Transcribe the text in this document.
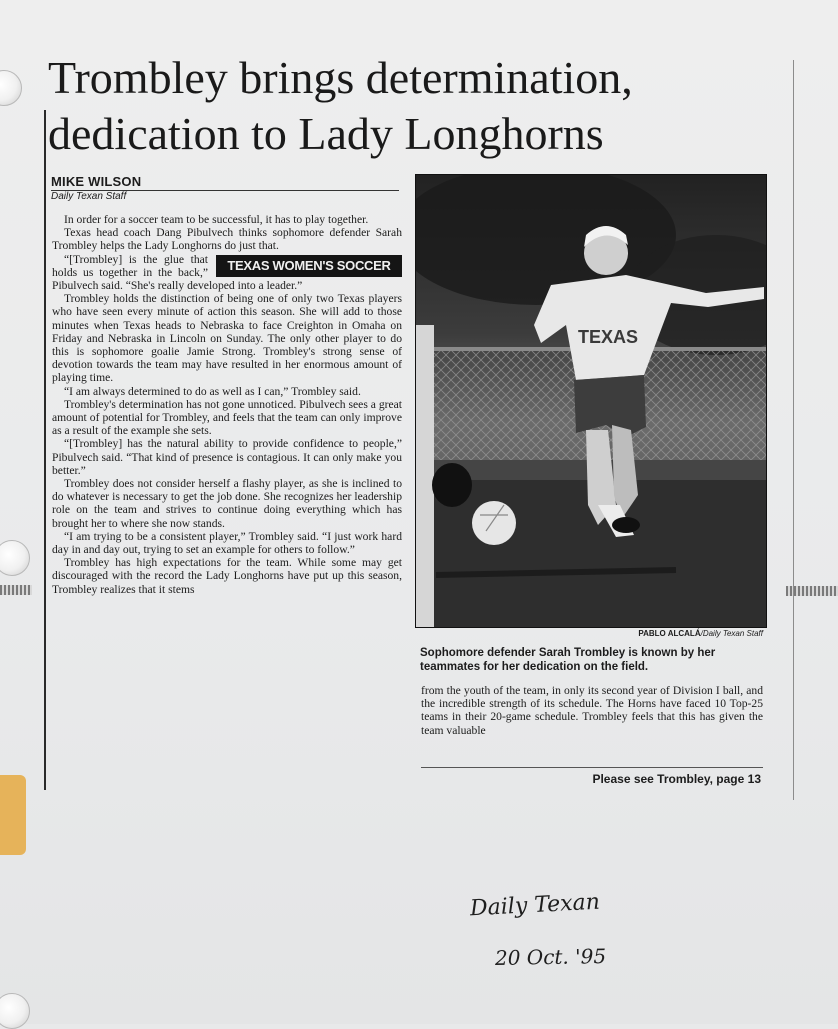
Trombley brings determination,
dedication to Lady Longhorns
MIKE WILSON
Daily Texan Staff

In order for a soccer team to be successful, it has to play together.

Texas head coach Dang Pibulvech thinks sophomore defender Sarah Trombley helps the Lady Longhorns do just that.

TEXAS WOMEN'S SOCCER

“[Trombley] is the glue that holds us together in the back,” Pibulvech said. “She's really developed into a leader.”

Trombley holds the distinction of being one of only two Texas players who have seen every minute of action this season. She will add to those minutes when Texas heads to Nebraska to face Creighton in Omaha on Friday and Nebraska in Lincoln on Sunday. The only other player to do this is sophomore goalie Jamie Strong. Trombley's strong sense of devotion towards the team may have resulted in her enormous amount of playing time.

“I am always determined to do as well as I can,” Trombley said.

Trombley's determination has not gone unnoticed. Pibulvech sees a great amount of potential for Trombley, and feels that the team can only improve as a result of the example she sets.

“[Trombley] has the natural ability to provide confidence to people,” Pibulvech said. “That kind of presence is contagious. It can only make you better.”

Trombley does not consider herself a flashy player, as she is inclined to do whatever is necessary to get the job done. She recognizes her leadership role on the team and strives to continue doing everything which has brought her to where she now stands.

“I am trying to be a consistent player,” Trombley said. “I just work hard day in and day out, trying to set an example for others to follow.”

Trombley has high expectations for the team. While some may get discouraged with the record the Lady Longhorns have put up this season, Trombley realizes that it stems

TEXAS
PABLO ALCALÁ/Daily Texan Staff
Sophomore defender Sarah Trombley is known by her teammates for her dedication on the field.

from the youth of the team, in only its second year of Division I ball, and the incredible strength of its schedule. The Horns have faced 10 Top-25 teams in their 20-game schedule. Trombley feels that this has given the team valuable

Please see Trombley, page 13
Daily Texan
20 Oct. '95
